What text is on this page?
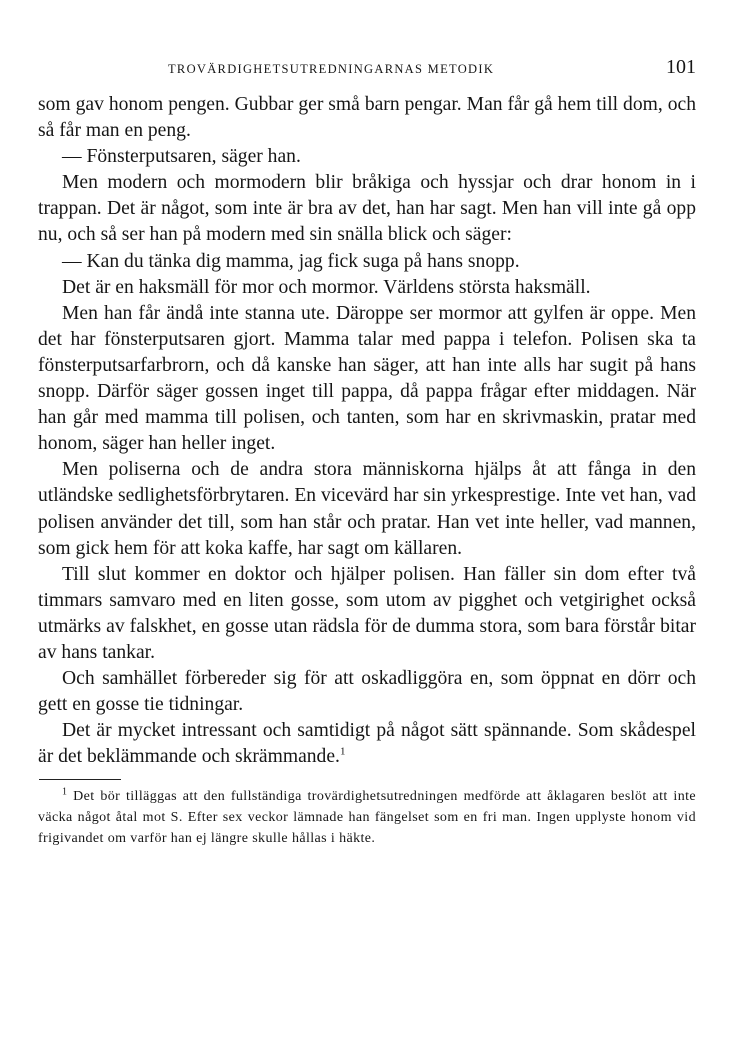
TROVÄRDIGHETSUTREDNINGARNAS METODIK	101

som gav honom pengen. Gubbar ger små barn pengar. Man får gå hem till dom, och så får man en peng.

— Fönsterputsaren, säger han.

Men modern och mormodern blir bråkiga och hyssjar och drar honom in i trappan. Det är något, som inte är bra av det, han har sagt. Men han vill inte gå opp nu, och så ser han på modern med sin snälla blick och säger:

— Kan du tänka dig mamma, jag fick suga på hans snopp.

Det är en haksmäll för mor och mormor. Världens största haksmäll.

Men han får ändå inte stanna ute. Däroppe ser mormor att gylfen är oppe. Men det har fönsterputsaren gjort. Mamma talar med pappa i telefon. Polisen ska ta fönsterputsarfarbrorn, och då kanske han säger, att han inte alls har sugit på hans snopp. Därför säger gossen inget till pappa, då pappa frågar efter middagen. När han går med mamma till polisen, och tanten, som har en skrivmaskin, pratar med honom, säger han heller inget.

Men poliserna och de andra stora människorna hjälps åt att fånga in den utländske sedlighetsförbrytaren. En vicevärd har sin yrkesprestige. Inte vet han, vad polisen använder det till, som han står och pratar. Han vet inte heller, vad mannen, som gick hem för att koka kaffe, har sagt om källaren.

Till slut kommer en doktor och hjälper polisen. Han fäller sin dom efter två timmars samvaro med en liten gosse, som utom av pigghet och vetgirighet också utmärks av falskhet, en gosse utan rädsla för de dumma stora, som bara förstår bitar av hans tankar.

Och samhället förbereder sig för att oskadliggöra en, som öppnat en dörr och gett en gosse tie tidningar.

Det är mycket intressant och samtidigt på något sätt spännande. Som skådespel är det beklämmande och skrämmande.$^1$

$^1$ Det bör tilläggas att den fullständiga trovärdighetsutredningen medförde att åklagaren beslöt att inte väcka något åtal mot S. Efter sex veckor lämnade han fängelset som en fri man. Ingen upplyste honom vid frigivandet om varför han ej längre skulle hållas i häkte.
